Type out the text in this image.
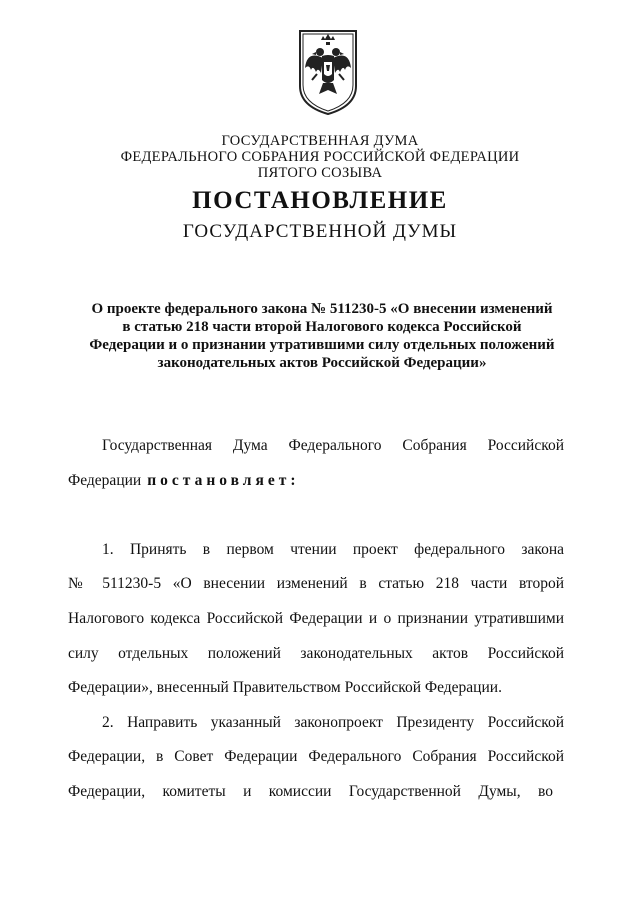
ГОСУДАРСТВЕННАЯ ДУМА
ФЕДЕРАЛЬНОГО СОБРАНИЯ РОССИЙСКОЙ ФЕДЕРАЦИИ
ПЯТОГО СОЗЫВА
ПОСТАНОВЛЕНИЕ
ГОСУДАРСТВЕННОЙ ДУМЫ
О проекте федерального закона № 511230-5 «О внесении изменений
в статью 218 части второй Налогового кодекса Российской
Федерации и о признании утратившими силу отдельных положений
законодательных актов Российской Федерации»
Государственная Дума Федерального Собрания Российской
Федерации постановляет:
1. Принять в первом чтении проект федерального закона
№ 511230-5 «О внесении изменений в статью 218 части второй
Налогового кодекса Российской Федерации и о признании утратившими
силу отдельных положений законодательных актов Российской
Федерации», внесенный Правительством Российской Федерации.
2. Направить указанный законопроект Президенту Российской
Федерации, в Совет Федерации Федерального Собрания Российской
Федерации, комитеты и комиссии Государственной Думы, во
